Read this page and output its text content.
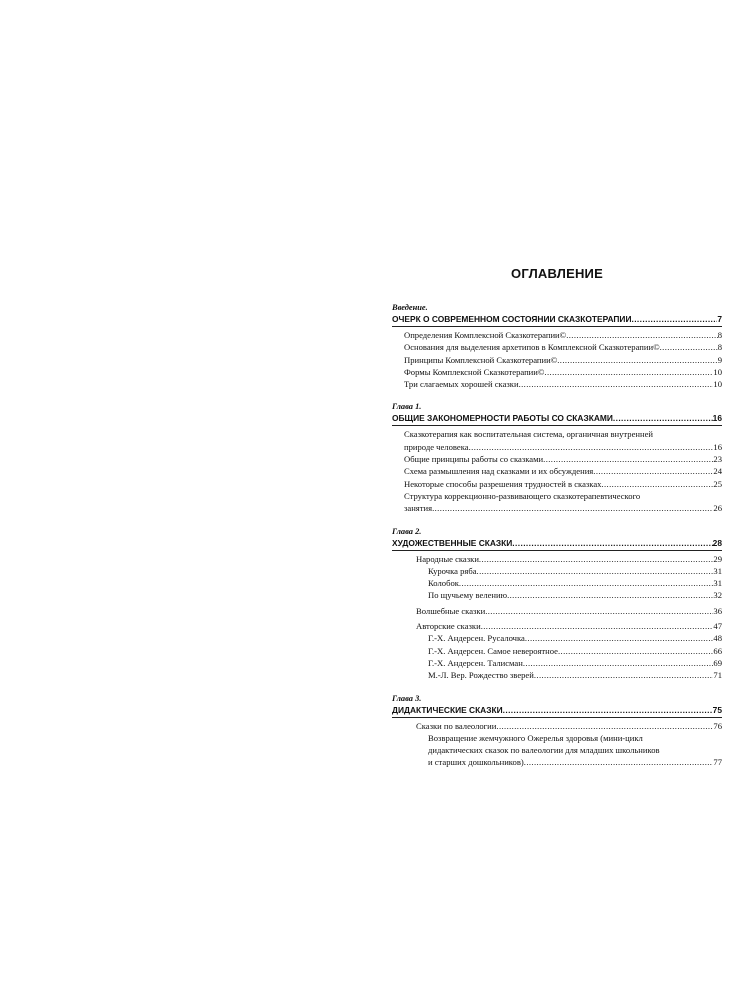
ОГЛАВЛЕНИЕ
Введение.
ОЧЕРК О СОВРЕМЕННОМ СОСТОЯНИИ СКАЗКОТЕРАПИИ .....	7
Определения Комплексной Сказкотерапии© .....	8
Основания для выделения архетипов в Комплексной Сказкотерапии© .....	8
Принципы Комплексной Сказкотерапии© .....	9
Формы Комплексной Сказкотерапии© .....	10
Три слагаемых хорошей сказки .....	10
Глава 1.
ОБЩИЕ ЗАКОНОМЕРНОСТИ РАБОТЫ СО СКАЗКАМИ .....	16
Сказкотерапия как воспитательная система, органичная внутренней
природе человека .....	16
Общие принципы работы со сказками .....	23
Схема размышления над сказками и их обсуждения .....	24
Некоторые способы разрешения трудностей в сказках .....	25
Структура коррекционно-развивающего сказкотерапевтического
занятия .....	26
Глава 2.
ХУДОЖЕСТВЕННЫЕ СКАЗКИ .....	28
Народные сказки .....	29
Курочка ряба .....	31
Колобок .....	31
По щучьему велению .....	32
Волшебные сказки .....	36
Авторские сказки .....	47
Г.-Х. Андерсен. Русалочка .....	48
Г.-Х. Андерсен. Самое невероятное .....	66
Г.-Х. Андерсен. Талисман .....	69
М.-Л. Вер. Рождество зверей .....	71
Глава 3.
ДИДАКТИЧЕСКИЕ СКАЗКИ .....	75
Сказки по валеологии .....	76
Возвращение жемчужного Ожерелья здоровья (мини-цикл
дидактических сказок по валеологии для младших школьников
и старших дошкольников) .....	77
